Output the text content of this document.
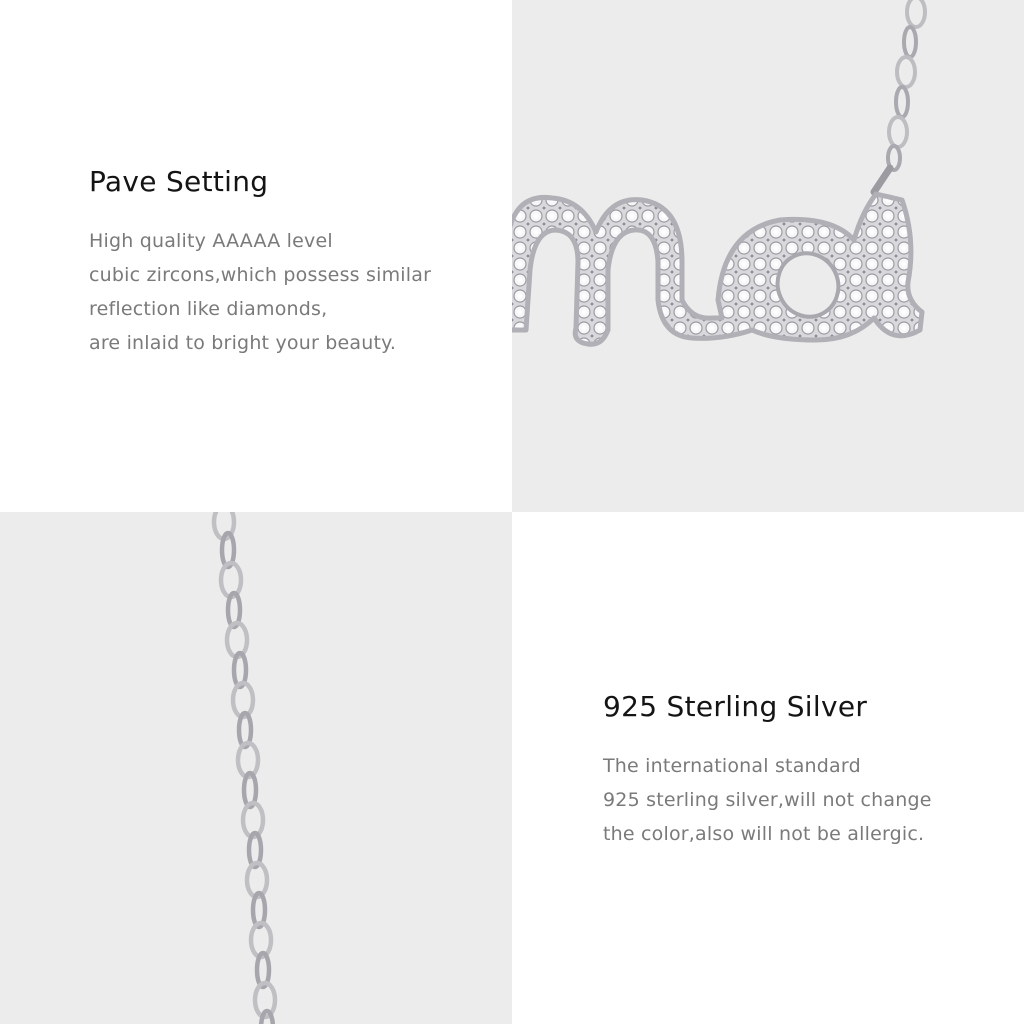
Pave Setting
High quality AAAAA level
cubic zircons,which possess similar
reflection like diamonds,
are inlaid to bright your beauty.
925 Sterling Silver
The international standard
925 sterling silver,will not change
the color,also will not be allergic.
